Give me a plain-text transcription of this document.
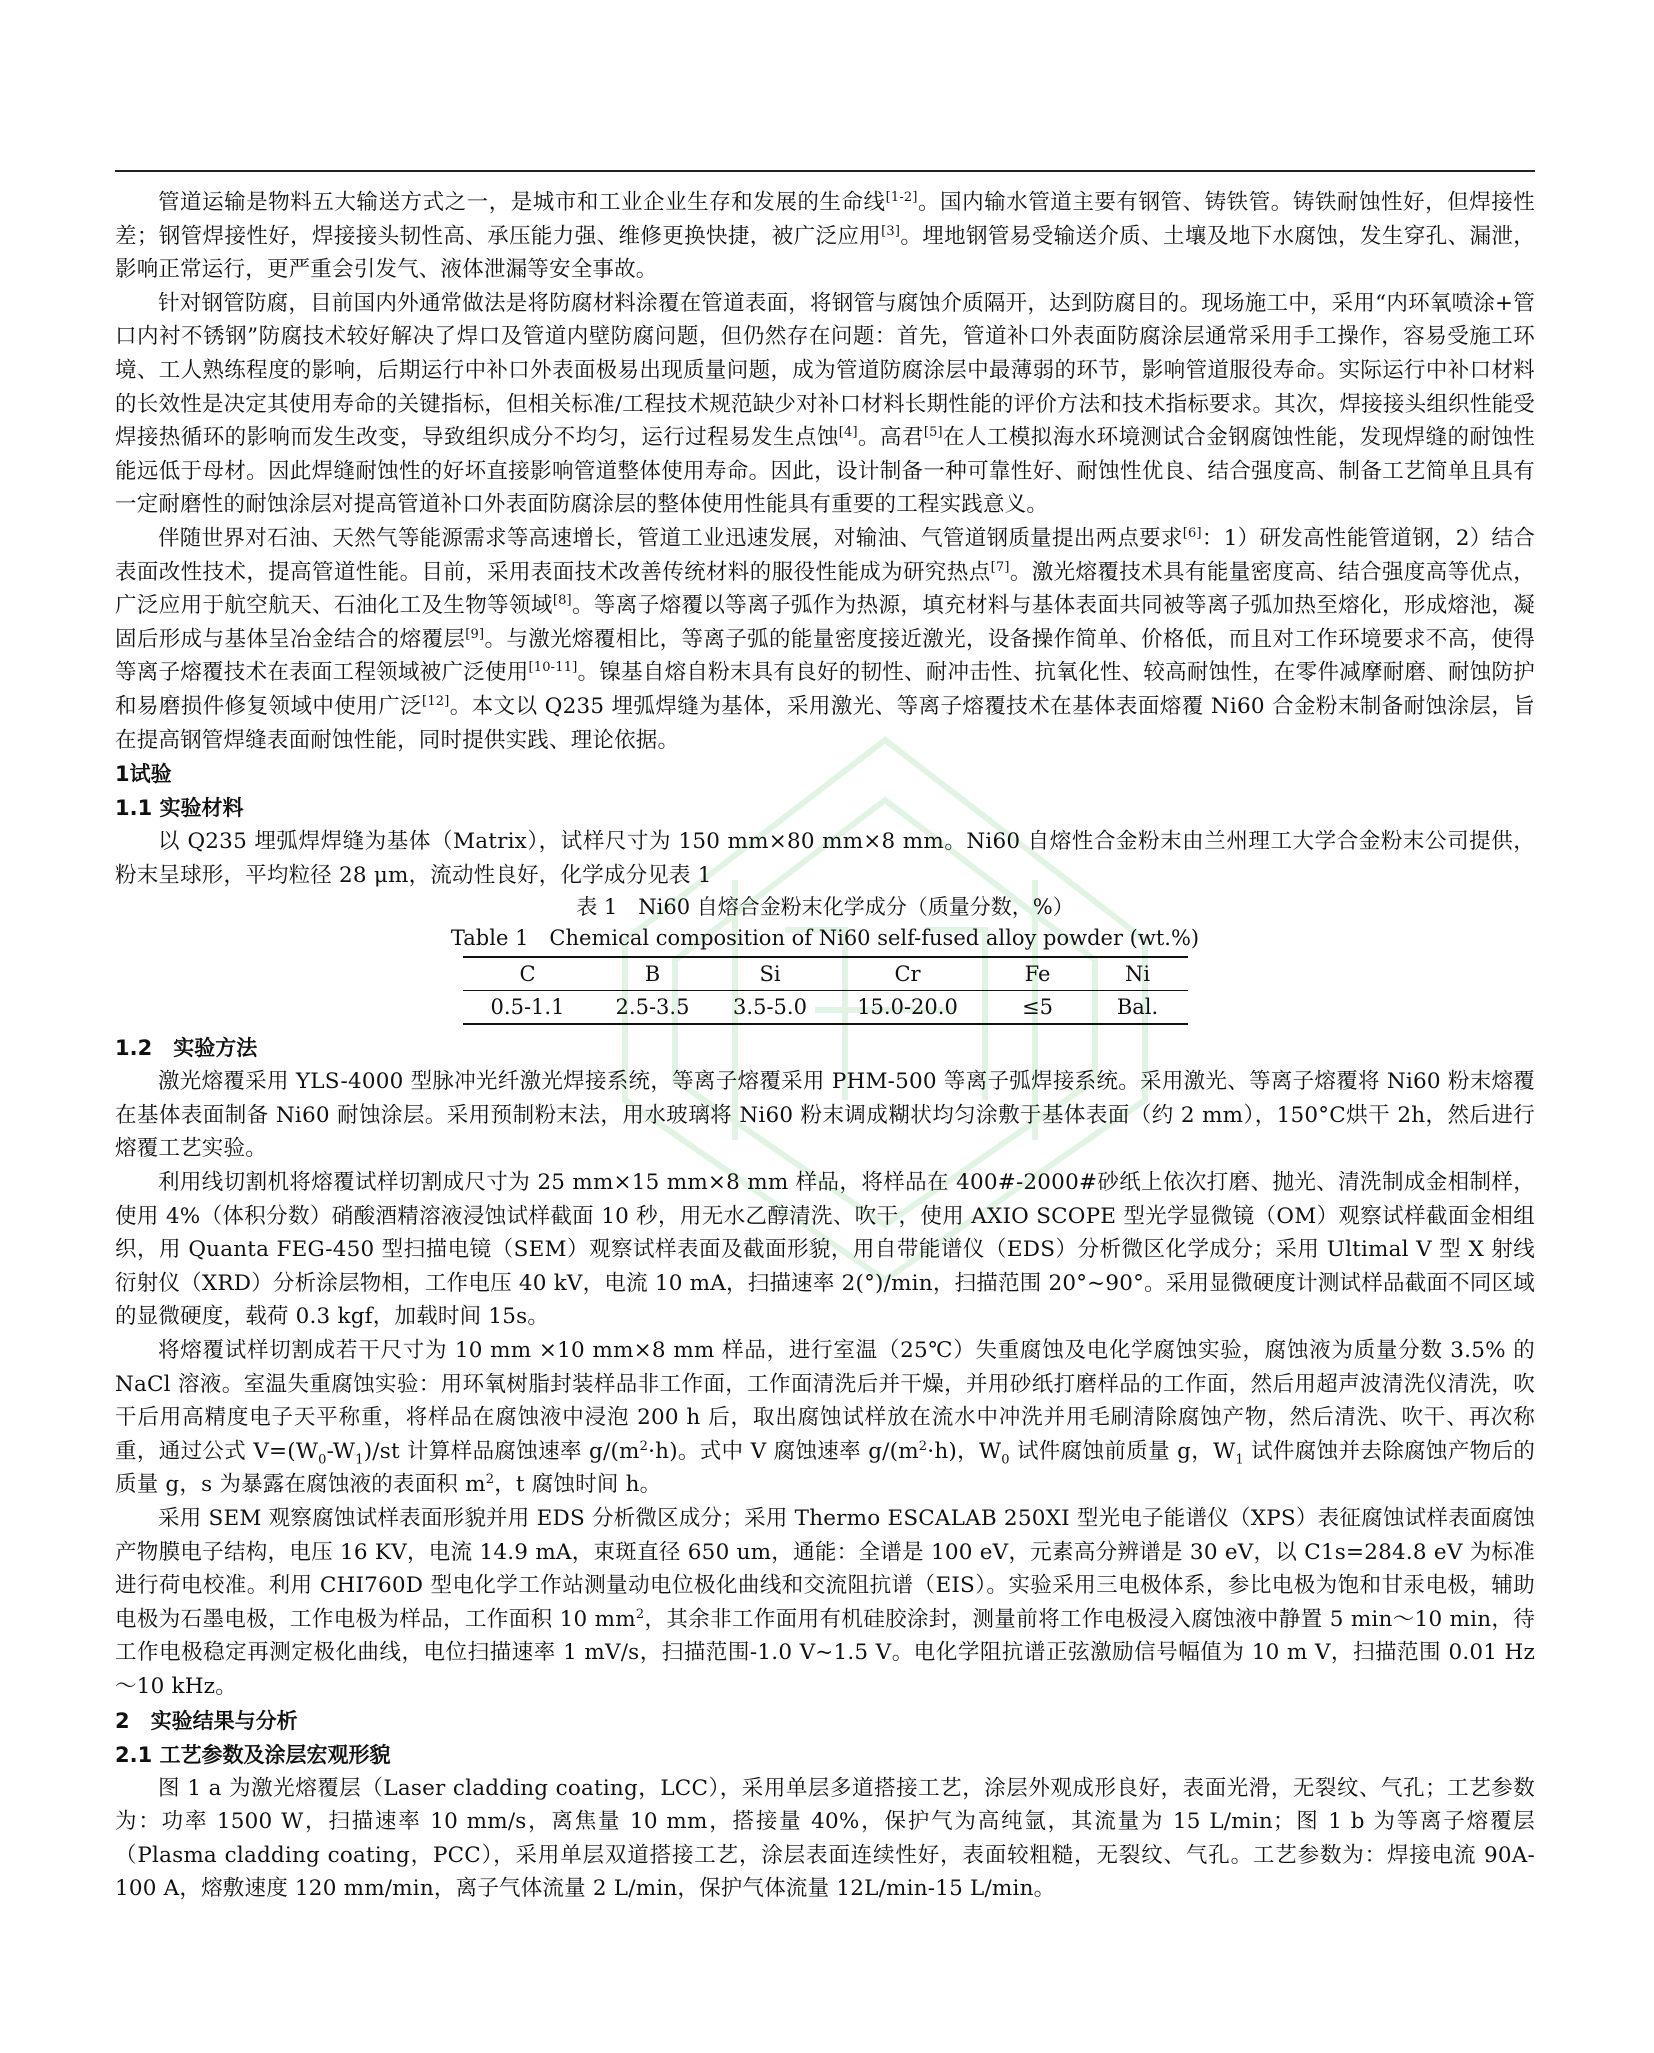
管道运输是物料五大输送方式之一，是城市和工业企业生存和发展的生命线[1-2]。国内输水管道主要有钢管、铸铁管。铸铁耐蚀性好，但焊接性差；钢管焊接性好，焊接接头韧性高、承压能力强、维修更换快捷，被广泛应用[3]。埋地钢管易受输送介质、土壤及地下水腐蚀，发生穿孔、漏泄，影响正常运行，更严重会引发气、液体泄漏等安全事故。

针对钢管防腐，目前国内外通常做法是将防腐材料涂覆在管道表面，将钢管与腐蚀介质隔开，达到防腐目的。现场施工中，采用“内环氧喷涂+管口内衬不锈钢”防腐技术较好解决了焊口及管道内壁防腐问题，但仍然存在问题：首先，管道补口外表面防腐涂层通常采用手工操作，容易受施工环境、工人熟练程度的影响，后期运行中补口外表面极易出现质量问题，成为管道防腐涂层中最薄弱的环节，影响管道服役寿命。实际运行中补口材料的长效性是决定其使用寿命的关键指标，但相关标准/工程技术规范缺少对补口材料长期性能的评价方法和技术指标要求。其次，焊接接头组织性能受焊接热循环的影响而发生改变，导致组织成分不均匀，运行过程易发生点蚀[4]。高君[5]在人工模拟海水环境测试合金钢腐蚀性能，发现焊缝的耐蚀性能远低于母材。因此焊缝耐蚀性的好坏直接影响管道整体使用寿命。因此，设计制备一种可靠性好、耐蚀性优良、结合强度高、制备工艺简单且具有一定耐磨性的耐蚀涂层对提高管道补口外表面防腐涂层的整体使用性能具有重要的工程实践意义。

伴随世界对石油、天然气等能源需求等高速增长，管道工业迅速发展，对输油、气管道钢质量提出两点要求[6]：1）研发高性能管道钢，2）结合表面改性技术，提高管道性能。目前，采用表面技术改善传统材料的服役性能成为研究热点[7]。激光熔覆技术具有能量密度高、结合强度高等优点，广泛应用于航空航天、石油化工及生物等领域[8]。等离子熔覆以等离子弧作为热源，填充材料与基体表面共同被等离子弧加热至熔化，形成熔池，凝固后形成与基体呈冶金结合的熔覆层[9]。与激光熔覆相比，等离子弧的能量密度接近激光，设备操作简单、价格低，而且对工作环境要求不高，使得等离子熔覆技术在表面工程领域被广泛使用[10-11]。镍基自熔自粉末具有良好的韧性、耐冲击性、抗氧化性、较高耐蚀性，在零件减摩耐磨、耐蚀防护和易磨损件修复领域中使用广泛[12]。本文以 Q235 埋弧焊缝为基体，采用激光、等离子熔覆技术在基体表面熔覆 Ni60 合金粉末制备耐蚀涂层，旨在提高钢管焊缝表面耐蚀性能，同时提供实践、理论依据。

1试验

1.1 实验材料

以 Q235 埋弧焊焊缝为基体（Matrix），试样尺寸为 150 mm×80 mm×8 mm。Ni60 自熔性合金粉末由兰州理工大学合金粉末公司提供，粉末呈球形，平均粒径 28 μm，流动性良好，化学成分见表 1

表 1　Ni60 自熔合金粉末化学成分（质量分数，%）

Table 1　Chemical composition of Ni60 self-fused alloy powder (wt.%)

C	B	Si	Cr	Fe	Ni
0.5-1.1	2.5-3.5	3.5-5.0	15.0-20.0	≤5	Bal.

1.2　实验方法

激光熔覆采用 YLS-4000 型脉冲光纤激光焊接系统，等离子熔覆采用 PHM-500 等离子弧焊接系统。采用激光、等离子熔覆将 Ni60 粉末熔覆在基体表面制备 Ni60 耐蚀涂层。采用预制粉末法，用水玻璃将 Ni60 粉末调成糊状均匀涂敷于基体表面（约 2 mm），150°C烘干 2h，然后进行熔覆工艺实验。

利用线切割机将熔覆试样切割成尺寸为 25 mm×15 mm×8 mm 样品，将样品在 400#-2000#砂纸上依次打磨、抛光、清洗制成金相制样，使用 4%（体积分数）硝酸酒精溶液浸蚀试样截面 10 秒，用无水乙醇清洗、吹干，使用 AXIO SCOPE 型光学显微镜（OM）观察试样截面金相组织，用 Quanta FEG-450 型扫描电镜（SEM）观察试样表面及截面形貌，用自带能谱仪（EDS）分析微区化学成分；采用 Ultimal V 型 X 射线衍射仪（XRD）分析涂层物相，工作电压 40 kV，电流 10 mA，扫描速率 2(°)/min，扫描范围 20°~90°。采用显微硬度计测试样品截面不同区域的显微硬度，载荷 0.3 kgf，加载时间 15s。

将熔覆试样切割成若干尺寸为 10 mm ×10 mm×8 mm 样品，进行室温（25℃）失重腐蚀及电化学腐蚀实验，腐蚀液为质量分数 3.5% 的 NaCl 溶液。室温失重腐蚀实验：用环氧树脂封装样品非工作面，工作面清洗后并干燥，并用砂纸打磨样品的工作面，然后用超声波清洗仪清洗，吹干后用高精度电子天平称重，将样品在腐蚀液中浸泡 200 h 后，取出腐蚀试样放在流水中冲洗并用毛刷清除腐蚀产物，然后清洗、吹干、再次称重，通过公式 $V=(W_0-W_1)/st$ 计算样品腐蚀速率 $g/(m^2\cdot h)$。式中 V 腐蚀速率 $g/(m^2\cdot h)$，$W_0$ 试件腐蚀前质量 g，$W_1$ 试件腐蚀并去除腐蚀产物后的质量 g，s 为暴露在腐蚀液的表面积 $m^2$，t 腐蚀时间 h。

采用 SEM 观察腐蚀试样表面形貌并用 EDS 分析微区成分；采用 Thermo ESCALAB 250XI 型光电子能谱仪（XPS）表征腐蚀试样表面腐蚀产物膜电子结构，电压 16 KV，电流 14.9 mA，束斑直径 650 um，通能：全谱是 100 eV，元素高分辨谱是 30 eV，以 C1s=284.8 eV 为标准进行荷电校准。利用 CHI760D 型电化学工作站测量动电位极化曲线和交流阻抗谱（EIS）。实验采用三电极体系，参比电极为饱和甘汞电极，辅助电极为石墨电极，工作电极为样品，工作面积 10 $mm^2$，其余非工作面用有机硅胶涂封，测量前将工作电极浸入腐蚀液中静置 5 min～10 min，待工作电极稳定再测定极化曲线，电位扫描速率 1 mV/s，扫描范围-1.0 V~1.5 V。电化学阻抗谱正弦激励信号幅值为 10 m V，扫描范围 0.01 Hz～10 kHz。

2　实验结果与分析

2.1 工艺参数及涂层宏观形貌

图 1 a 为激光熔覆层（Laser cladding coating，LCC），采用单层多道搭接工艺，涂层外观成形良好，表面光滑，无裂纹、气孔；工艺参数为：功率 1500 W，扫描速率 10 mm/s，离焦量 10 mm，搭接量 40%，保护气为高纯氩，其流量为 15 L/min；图 1 b 为等离子熔覆层（Plasma cladding coating，PCC），采用单层双道搭接工艺，涂层表面连续性好，表面较粗糙，无裂纹、气孔。工艺参数为：焊接电流 90A-100 A，熔敷速度 120 mm/min，离子气体流量 2 L/min，保护气体流量 12L/min-15 L/min。
